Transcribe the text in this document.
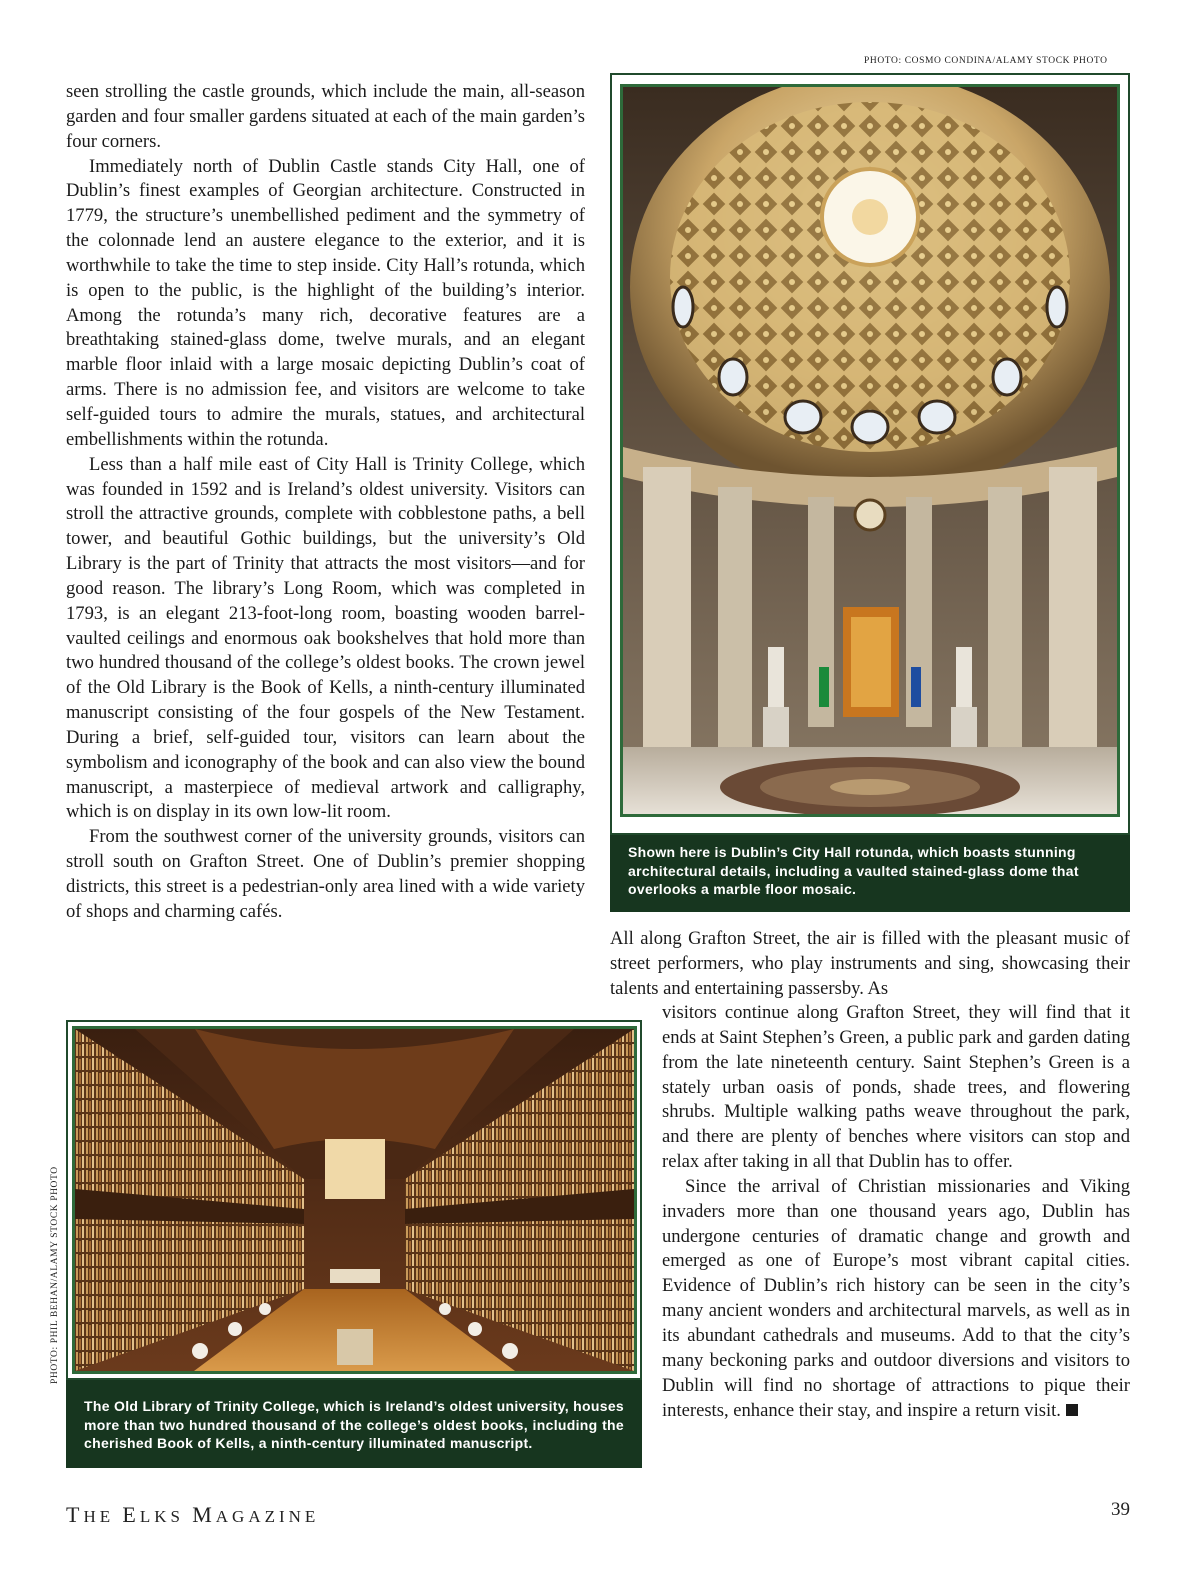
PHOTO: COSMO CONDINA/ALAMY STOCK PHOTO
PHOTO: PHIL BEHAN/ALAMY STOCK PHOTO

seen strolling the castle grounds, which include the main, all-season garden and four smaller gardens situated at each of the main garden’s four corners.

Immediately north of Dublin Castle stands City Hall, one of Dublin’s finest examples of Georgian architecture. Constructed in 1779, the structure’s unembellished pediment and the symmetry of the colonnade lend an austere elegance to the exterior, and it is worthwhile to take the time to step inside. City Hall’s rotunda, which is open to the public, is the highlight of the building’s interior. Among the rotunda’s many rich, decorative features are a breathtaking stained-glass dome, twelve murals, and an elegant marble floor inlaid with a large mosaic depicting Dublin’s coat of arms. There is no admission fee, and visitors are welcome to take self-guided tours to admire the murals, statues, and architectural embellishments within the rotunda.

Less than a half mile east of City Hall is Trinity College, which was founded in 1592 and is Ireland’s oldest university. Visitors can stroll the attractive grounds, complete with cobblestone paths, a bell tower, and beautiful Gothic buildings, but the university’s Old Library is the part of Trinity that attracts the most visitors—and for good reason. The library’s Long Room, which was completed in 1793, is an elegant 213-foot-long room, boasting wooden barrel-vaulted ceilings and enormous oak bookshelves that hold more than two hundred thousand of the college’s oldest books. The crown jewel of the Old Library is the Book of Kells, a ninth-century illuminated manuscript consisting of the four gospels of the New Testament. During a brief, self-guided tour, visitors can learn about the symbolism and iconography of the book and can also view the bound manuscript, a masterpiece of medieval artwork and calligraphy, which is on display in its own low-lit room.

From the southwest corner of the university grounds, visitors can stroll south on Grafton Street. One of Dublin’s premier shopping districts, this street is a pedestrian-only area lined with a wide variety of shops and charming cafés.

Shown here is Dublin’s City Hall rotunda, which boasts stunning architectural details, including a vaulted stained-glass dome that overlooks a marble floor mosaic.

All along Grafton Street, the air is filled with the pleasant music of street performers, who play instruments and sing, showcasing their talents and entertaining passersby. As

visitors continue along Grafton Street, they will find that it ends at Saint Stephen’s Green, a public park and garden dating from the late nineteenth century. Saint Stephen’s Green is a stately urban oasis of ponds, shade trees, and flowering shrubs. Multiple walking paths weave throughout the park, and there are plenty of benches where visitors can stop and relax after taking in all that Dublin has to offer.

Since the arrival of Christian missionaries and Viking invaders more than one thousand years ago, Dublin has undergone centuries of dramatic change and growth and emerged as one of Europe’s most vibrant capital cities. Evidence of Dublin’s rich history can be seen in the city’s many ancient wonders and architectural marvels, as well as in its abundant cathedrals and museums. Add to that the city’s many beckoning parks and outdoor diversions and visitors to Dublin will find no shortage of attractions to pique their interests, enhance their stay, and inspire a return visit.

The Old Library of Trinity College, which is Ireland’s oldest university, houses more than two hundred thousand of the college’s oldest books, including the cherished Book of Kells, a ninth-century illuminated manuscript.
THE ELKS MAGAZINE	39
